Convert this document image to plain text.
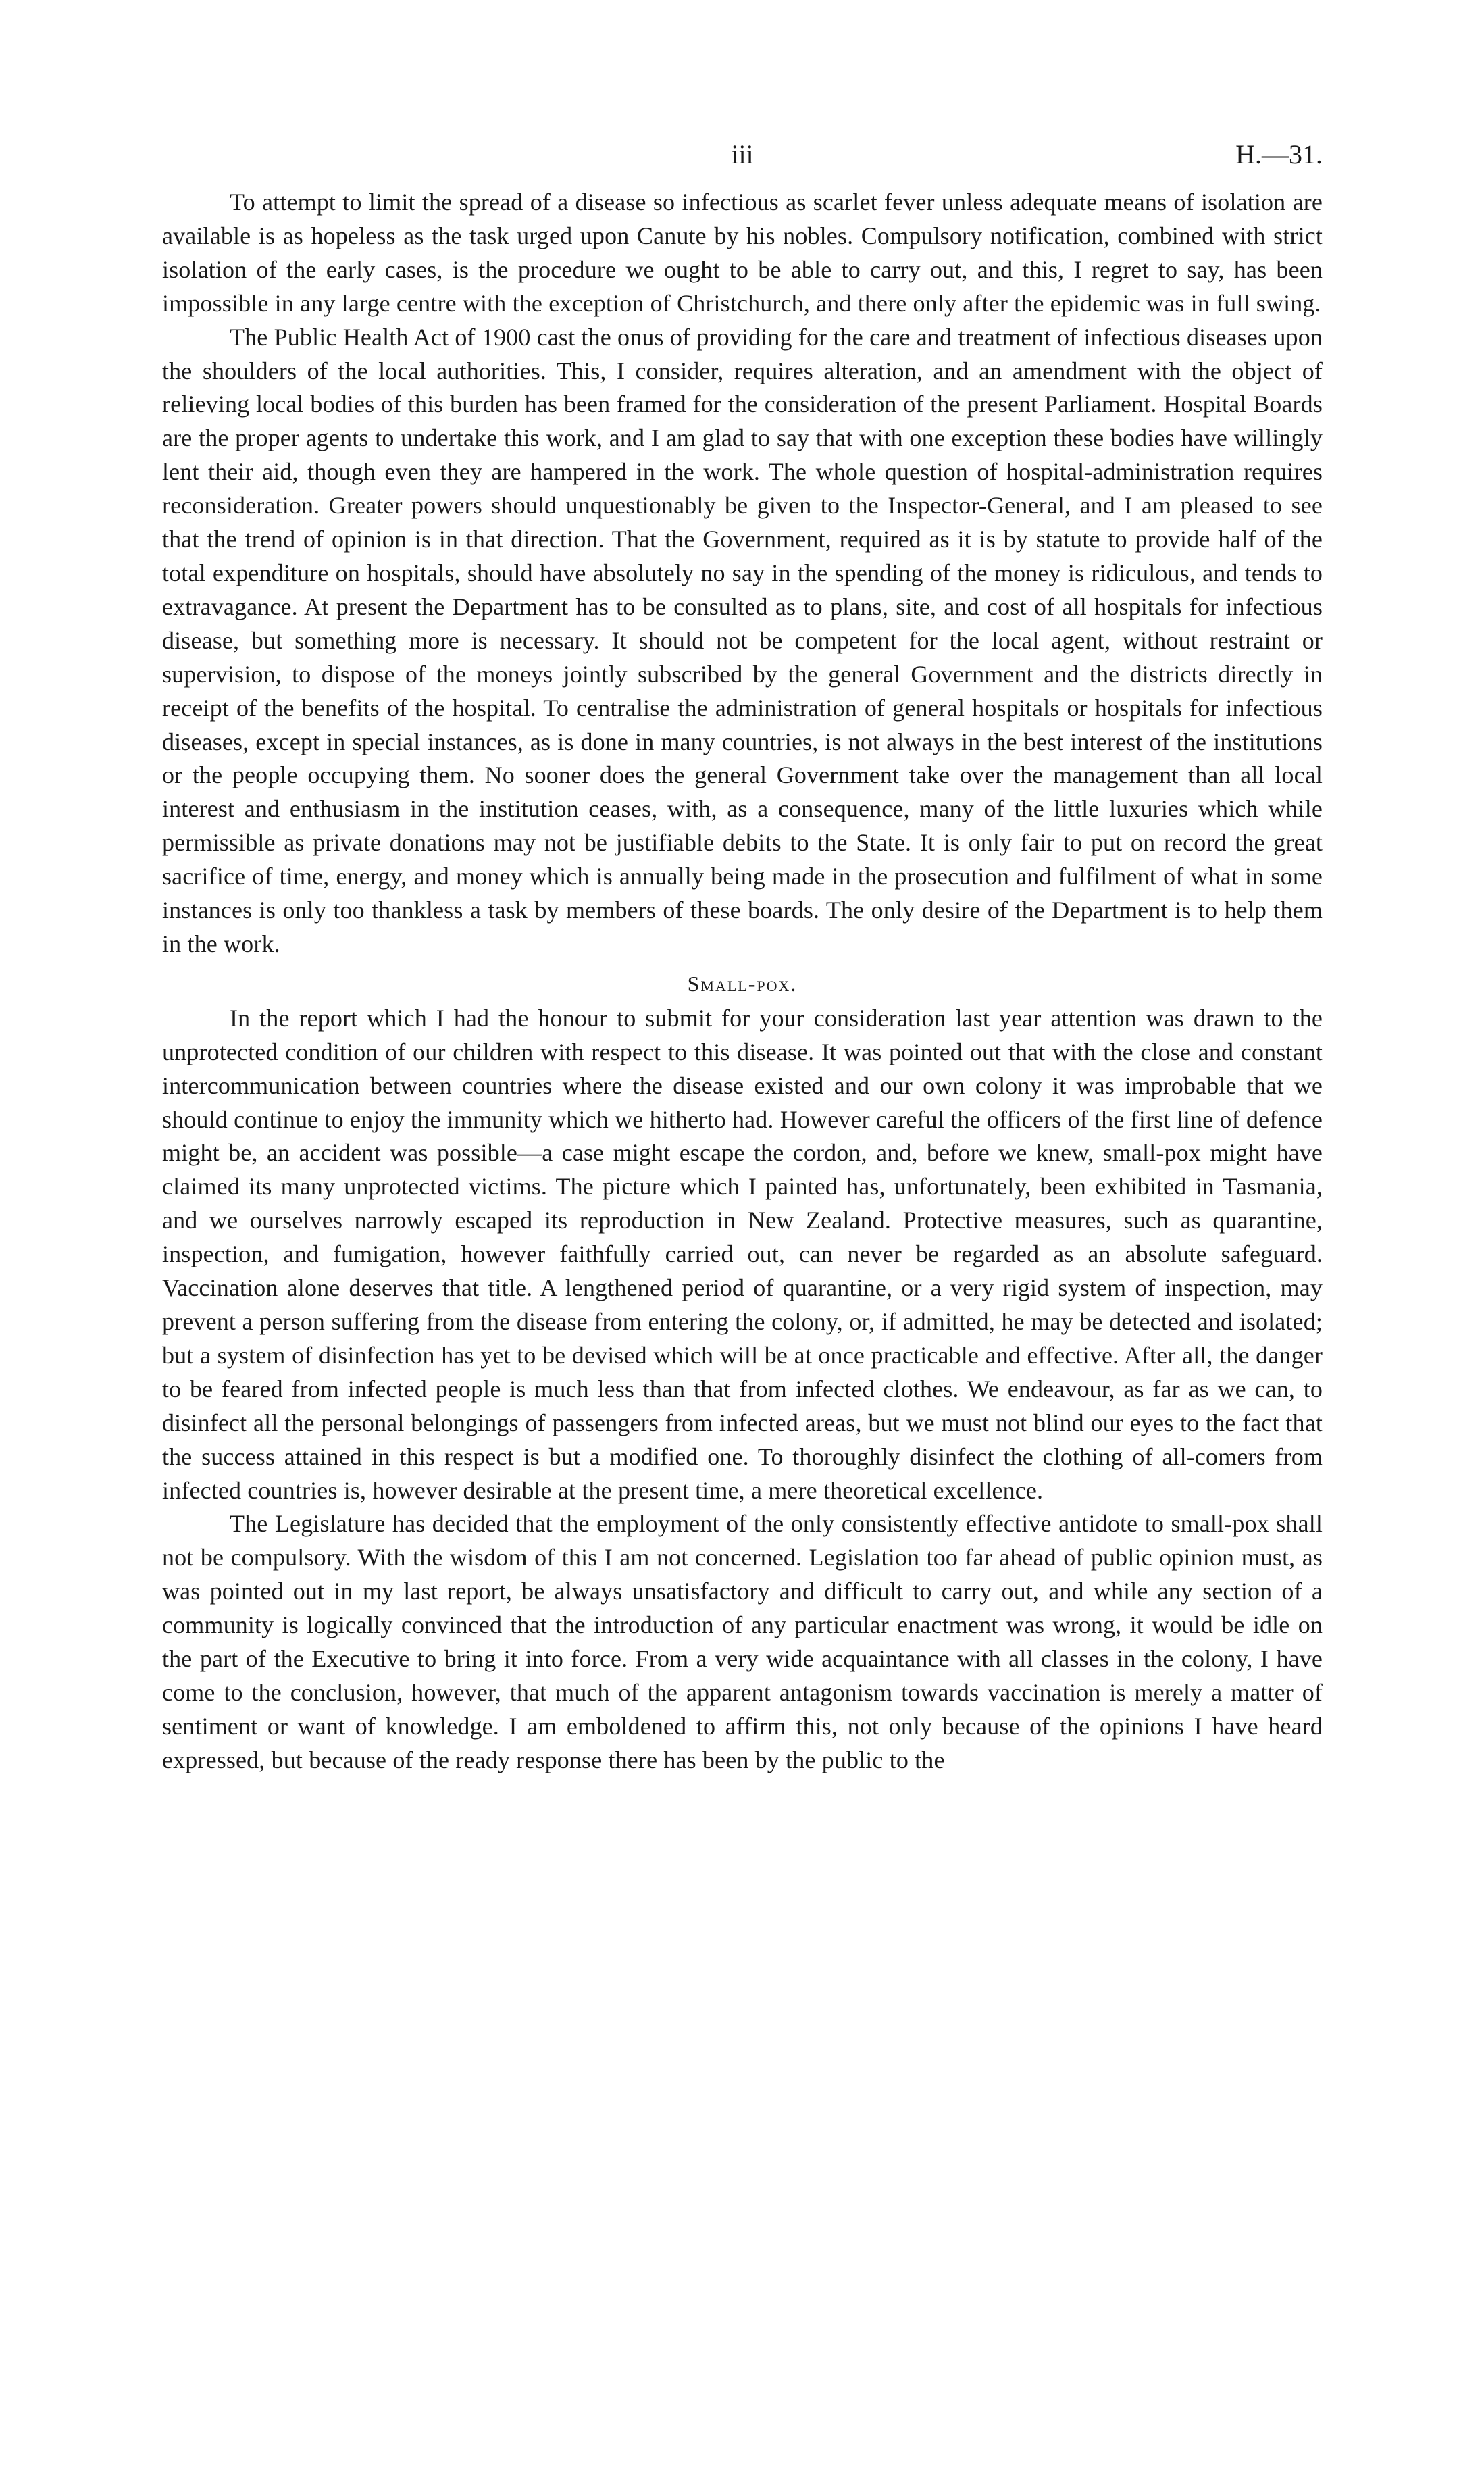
iii	H.—31.

To attempt to limit the spread of a disease so infectious as scarlet fever unless adequate means of isolation are available is as hopeless as the task urged upon Canute by his nobles. Compulsory notification, combined with strict isolation of the early cases, is the procedure we ought to be able to carry out, and this, I regret to say, has been impossible in any large centre with the exception of Christchurch, and there only after the epidemic was in full swing.

The Public Health Act of 1900 cast the onus of providing for the care and treatment of infectious diseases upon the shoulders of the local authorities. This, I consider, requires alteration, and an amendment with the object of relieving local bodies of this burden has been framed for the consideration of the present Parliament. Hospital Boards are the proper agents to undertake this work, and I am glad to say that with one exception these bodies have willingly lent their aid, though even they are hampered in the work. The whole question of hospital-administration requires reconsideration. Greater powers should unquestionably be given to the Inspector-General, and I am pleased to see that the trend of opinion is in that direction. That the Government, required as it is by statute to provide half of the total expenditure on hospitals, should have absolutely no say in the spending of the money is ridiculous, and tends to extravagance. At present the Department has to be consulted as to plans, site, and cost of all hospitals for infectious disease, but something more is necessary. It should not be competent for the local agent, without restraint or supervision, to dispose of the moneys jointly subscribed by the general Government and the districts directly in receipt of the benefits of the hospital. To centralise the administration of general hospitals or hospitals for infectious diseases, except in special instances, as is done in many countries, is not always in the best interest of the institutions or the people occupying them. No sooner does the general Government take over the management than all local interest and enthusiasm in the institution ceases, with, as a consequence, many of the little luxuries which while permissible as private donations may not be justifiable debits to the State. It is only fair to put on record the great sacrifice of time, energy, and money which is annually being made in the prosecution and fulfilment of what in some instances is only too thankless a task by members of these boards. The only desire of the Department is to help them in the work.

Small-pox.

In the report which I had the honour to submit for your consideration last year attention was drawn to the unprotected condition of our children with respect to this disease. It was pointed out that with the close and constant intercommunication between countries where the disease existed and our own colony it was improbable that we should continue to enjoy the immunity which we hitherto had. However careful the officers of the first line of defence might be, an accident was possible—a case might escape the cordon, and, before we knew, small-pox might have claimed its many unprotected victims. The picture which I painted has, unfortunately, been exhibited in Tasmania, and we ourselves narrowly escaped its reproduction in New Zealand. Protective measures, such as quarantine, inspection, and fumigation, however faithfully carried out, can never be regarded as an absolute safeguard. Vaccination alone deserves that title. A lengthened period of quarantine, or a very rigid system of inspection, may prevent a person suffering from the disease from entering the colony, or, if admitted, he may be detected and isolated; but a system of disinfection has yet to be devised which will be at once practicable and effective. After all, the danger to be feared from infected people is much less than that from infected clothes. We endeavour, as far as we can, to disinfect all the personal belongings of passengers from infected areas, but we must not blind our eyes to the fact that the success attained in this respect is but a modified one. To thoroughly disinfect the clothing of all-comers from infected countries is, however desirable at the present time, a mere theoretical excellence.

The Legislature has decided that the employment of the only consistently effective antidote to small-pox shall not be compulsory. With the wisdom of this I am not concerned. Legislation too far ahead of public opinion must, as was pointed out in my last report, be always unsatisfactory and difficult to carry out, and while any section of a community is logically convinced that the introduction of any particular enactment was wrong, it would be idle on the part of the Executive to bring it into force. From a very wide acquaintance with all classes in the colony, I have come to the conclusion, however, that much of the apparent antagonism towards vaccination is merely a matter of sentiment or want of knowledge. I am emboldened to affirm this, not only because of the opinions I have heard expressed, but because of the ready response there has been by the public to the
